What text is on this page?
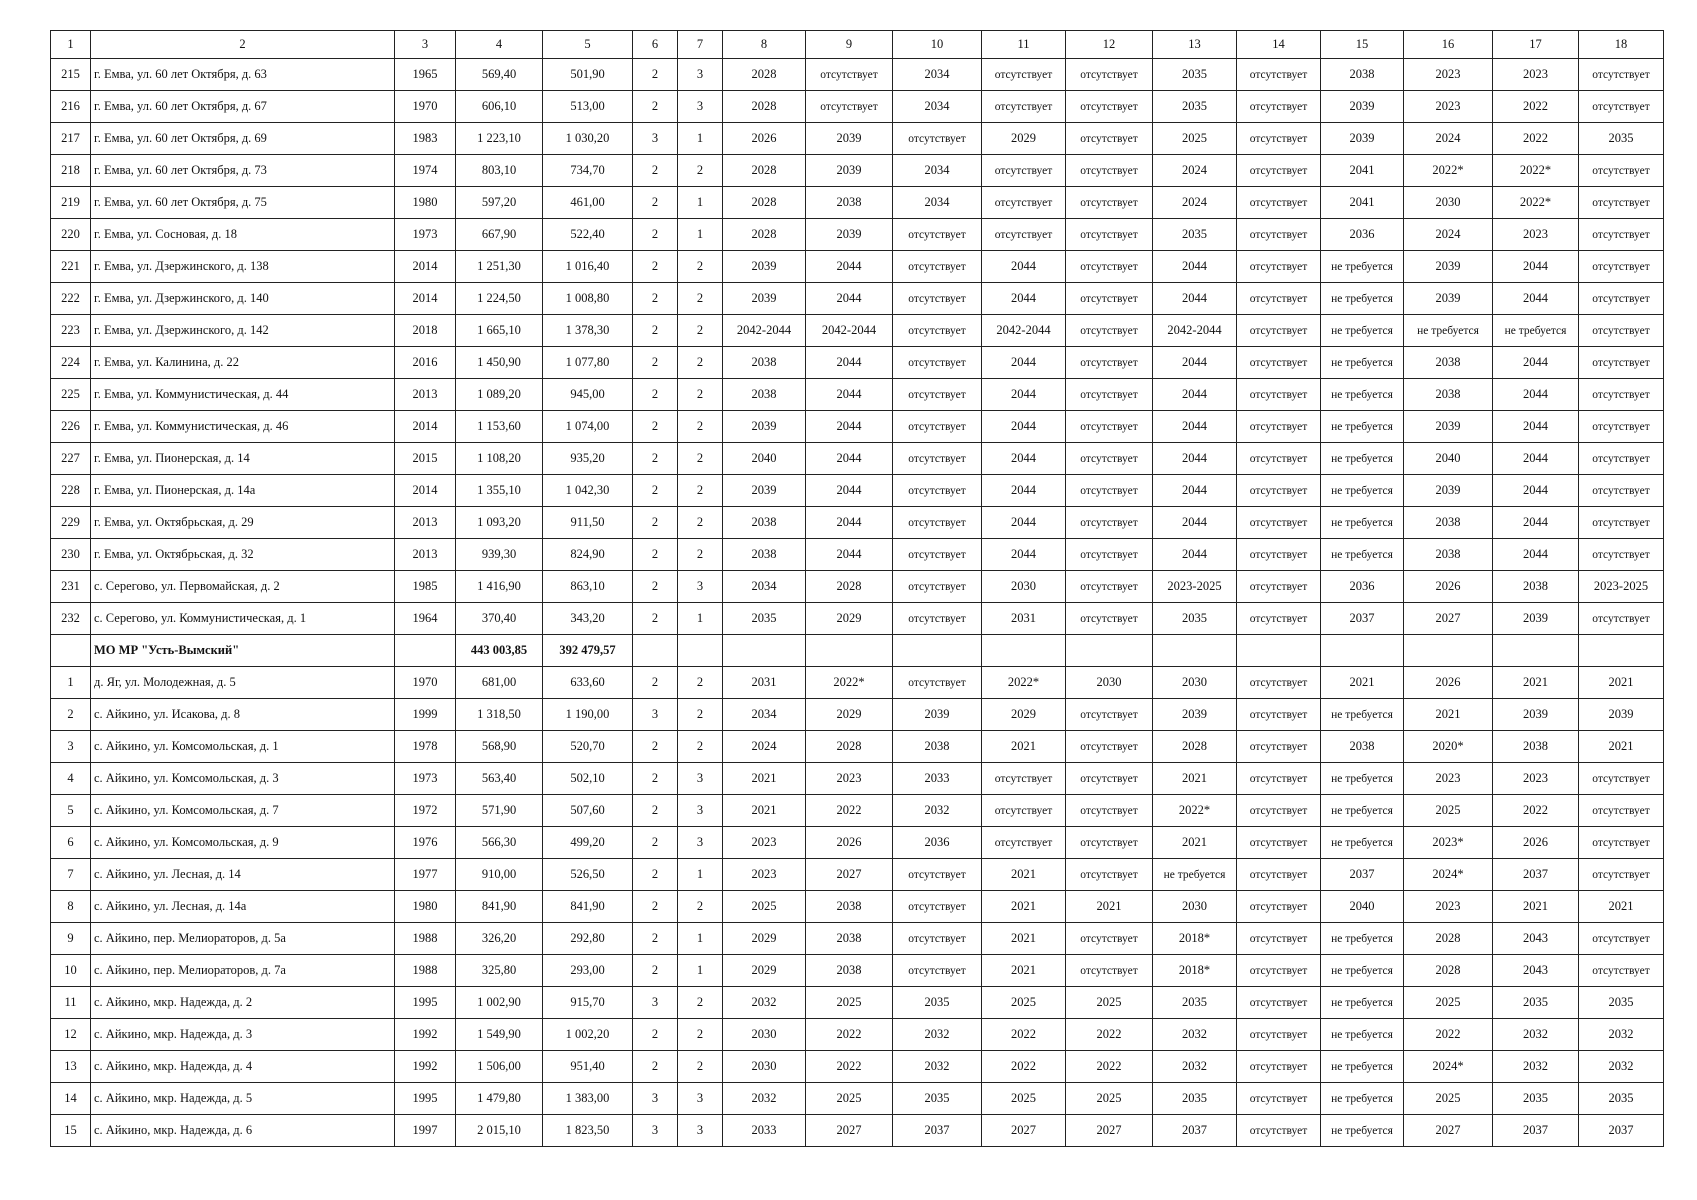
1	2	3	4	5	6	7	8	9	10	11	12	13	14	15	16	17	18
215	г. Емва, ул. 60 лет Октября, д. 63	1965	569,40	501,90	2	3	2028	отсутствует	2034	отсутствует	отсутствует	2035	отсутствует	2038	2023	2023	отсутствует
216	г. Емва, ул. 60 лет Октября, д. 67	1970	606,10	513,00	2	3	2028	отсутствует	2034	отсутствует	отсутствует	2035	отсутствует	2039	2023	2022	отсутствует
217	г. Емва, ул. 60 лет Октября, д. 69	1983	1 223,10	1 030,20	3	1	2026	2039	отсутствует	2029	отсутствует	2025	отсутствует	2039	2024	2022	2035
218	г. Емва, ул. 60 лет Октября, д. 73	1974	803,10	734,70	2	2	2028	2039	2034	отсутствует	отсутствует	2024	отсутствует	2041	2022*	2022*	отсутствует
219	г. Емва, ул. 60 лет Октября, д. 75	1980	597,20	461,00	2	1	2028	2038	2034	отсутствует	отсутствует	2024	отсутствует	2041	2030	2022*	отсутствует
220	г. Емва, ул. Сосновая, д. 18	1973	667,90	522,40	2	1	2028	2039	отсутствует	отсутствует	отсутствует	2035	отсутствует	2036	2024	2023	отсутствует
221	г. Емва, ул. Дзержинского, д. 138	2014	1 251,30	1 016,40	2	2	2039	2044	отсутствует	2044	отсутствует	2044	отсутствует	не требуется	2039	2044	отсутствует
222	г. Емва, ул. Дзержинского, д. 140	2014	1 224,50	1 008,80	2	2	2039	2044	отсутствует	2044	отсутствует	2044	отсутствует	не требуется	2039	2044	отсутствует
223	г. Емва, ул. Дзержинского, д. 142	2018	1 665,10	1 378,30	2	2	2042-2044	2042-2044	отсутствует	2042-2044	отсутствует	2042-2044	отсутствует	не требуется	не требуется	не требуется	отсутствует
224	г. Емва, ул. Калинина, д. 22	2016	1 450,90	1 077,80	2	2	2038	2044	отсутствует	2044	отсутствует	2044	отсутствует	не требуется	2038	2044	отсутствует
225	г. Емва, ул. Коммунистическая, д. 44	2013	1 089,20	945,00	2	2	2038	2044	отсутствует	2044	отсутствует	2044	отсутствует	не требуется	2038	2044	отсутствует
226	г. Емва, ул. Коммунистическая, д. 46	2014	1 153,60	1 074,00	2	2	2039	2044	отсутствует	2044	отсутствует	2044	отсутствует	не требуется	2039	2044	отсутствует
227	г. Емва, ул. Пионерская, д. 14	2015	1 108,20	935,20	2	2	2040	2044	отсутствует	2044	отсутствует	2044	отсутствует	не требуется	2040	2044	отсутствует
228	г. Емва, ул. Пионерская, д. 14а	2014	1 355,10	1 042,30	2	2	2039	2044	отсутствует	2044	отсутствует	2044	отсутствует	не требуется	2039	2044	отсутствует
229	г. Емва, ул. Октябрьская, д. 29	2013	1 093,20	911,50	2	2	2038	2044	отсутствует	2044	отсутствует	2044	отсутствует	не требуется	2038	2044	отсутствует
230	г. Емва, ул. Октябрьская, д. 32	2013	939,30	824,90	2	2	2038	2044	отсутствует	2044	отсутствует	2044	отсутствует	не требуется	2038	2044	отсутствует
231	с. Серегово, ул. Первомайская, д. 2	1985	1 416,90	863,10	2	3	2034	2028	отсутствует	2030	отсутствует	2023-2025	отсутствует	2036	2026	2038	2023-2025
232	с. Серегово, ул. Коммунистическая, д. 1	1964	370,40	343,20	2	1	2035	2029	отсутствует	2031	отсутствует	2035	отсутствует	2037	2027	2039	отсутствует
	МО МР "Усть-Вымский"		443 003,85	392 479,57													
1	д. Яг, ул. Молодежная, д. 5	1970	681,00	633,60	2	2	2031	2022*	отсутствует	2022*	2030	2030	отсутствует	2021	2026	2021	2021
2	с. Айкино, ул. Исакова, д. 8	1999	1 318,50	1 190,00	3	2	2034	2029	2039	2029	отсутствует	2039	отсутствует	не требуется	2021	2039	2039
3	с. Айкино, ул. Комсомольская, д. 1	1978	568,90	520,70	2	2	2024	2028	2038	2021	отсутствует	2028	отсутствует	2038	2020*	2038	2021
4	с. Айкино, ул. Комсомольская, д. 3	1973	563,40	502,10	2	3	2021	2023	2033	отсутствует	отсутствует	2021	отсутствует	не требуется	2023	2023	отсутствует
5	с. Айкино, ул. Комсомольская, д. 7	1972	571,90	507,60	2	3	2021	2022	2032	отсутствует	отсутствует	2022*	отсутствует	не требуется	2025	2022	отсутствует
6	с. Айкино, ул. Комсомольская, д. 9	1976	566,30	499,20	2	3	2023	2026	2036	отсутствует	отсутствует	2021	отсутствует	не требуется	2023*	2026	отсутствует
7	с. Айкино, ул. Лесная, д. 14	1977	910,00	526,50	2	1	2023	2027	отсутствует	2021	отсутствует	не требуется	отсутствует	2037	2024*	2037	отсутствует
8	с. Айкино, ул. Лесная, д. 14а	1980	841,90	841,90	2	2	2025	2038	отсутствует	2021	2021	2030	отсутствует	2040	2023	2021	2021
9	с. Айкино, пер. Мелиораторов, д. 5а	1988	326,20	292,80	2	1	2029	2038	отсутствует	2021	отсутствует	2018*	отсутствует	не требуется	2028	2043	отсутствует
10	с. Айкино, пер. Мелиораторов, д. 7а	1988	325,80	293,00	2	1	2029	2038	отсутствует	2021	отсутствует	2018*	отсутствует	не требуется	2028	2043	отсутствует
11	с. Айкино, мкр. Надежда, д. 2	1995	1 002,90	915,70	3	2	2032	2025	2035	2025	2025	2035	отсутствует	не требуется	2025	2035	2035
12	с. Айкино, мкр. Надежда, д. 3	1992	1 549,90	1 002,20	2	2	2030	2022	2032	2022	2022	2032	отсутствует	не требуется	2022	2032	2032
13	с. Айкино, мкр. Надежда, д. 4	1992	1 506,00	951,40	2	2	2030	2022	2032	2022	2022	2032	отсутствует	не требуется	2024*	2032	2032
14	с. Айкино, мкр. Надежда, д. 5	1995	1 479,80	1 383,00	3	3	2032	2025	2035	2025	2025	2035	отсутствует	не требуется	2025	2035	2035
15	с. Айкино, мкр. Надежда, д. 6	1997	2 015,10	1 823,50	3	3	2033	2027	2037	2027	2027	2037	отсутствует	не требуется	2027	2037	2037
